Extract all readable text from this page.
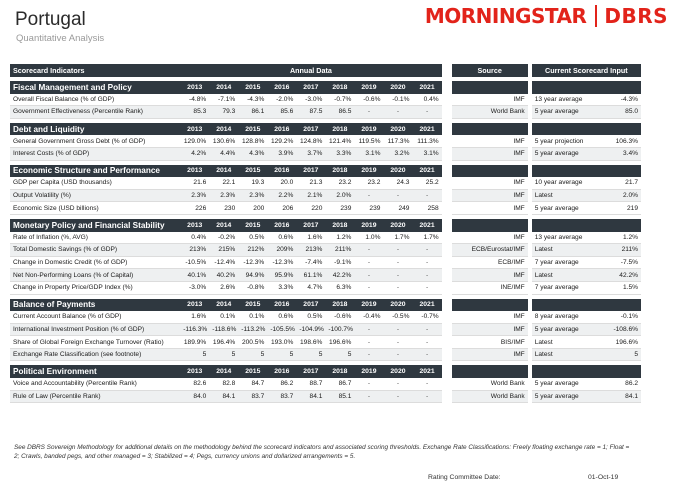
Portugal
Quantitative Analysis
MORNINGSTAR DBRS
Scorecard Indicators	Annual Data										Source		Current Scorecard Input	

Fiscal Management and Policy	2013	2014	2015	2016	2017	2018	2019	2020	2021					
Overall Fiscal Balance (% of GDP)	-4.8%	-7.1%	-4.3%	-2.0%	-3.0%	-0.7%	-0.6%	-0.1%	0.4%		IMF		13 year average	-4.3%
Government Effectiveness (Percentile Rank)	85.3	79.3	86.1	85.6	87.5	86.5	-	-	-		World Bank		5 year average	85.0

Debt and Liquidity	2013	2014	2015	2016	2017	2018	2019	2020	2021					
General Government Gross Debt (% of GDP)	129.0%	130.6%	128.8%	129.2%	124.8%	121.4%	119.5%	117.3%	111.3%		IMF		5 year projection	106.3%
Interest Costs (% of GDP)	4.2%	4.4%	4.3%	3.9%	3.7%	3.3%	3.1%	3.2%	3.1%		IMF		5 year average	3.4%

Economic Structure and Performance	2013	2014	2015	2016	2017	2018	2019	2020	2021					
GDP per Capita (USD thousands)	21.6	22.1	19.3	20.0	21.3	23.2	23.2	24.3	25.2		IMF		10 year average	21.7
Output Volatility (%)	2.3%	2.3%	2.3%	2.2%	2.1%	2.0%	-	-	-		IMF		Latest	2.0%
Economic Size (USD billions)	226	230	200	206	220	239	239	249	258		IMF		5 year average	219

Monetary Policy and Financial Stability	2013	2014	2015	2016	2017	2018	2019	2020	2021					
Rate of Inflation (%, AVG)	0.4%	-0.2%	0.5%	0.6%	1.6%	1.2%	1.0%	1.7%	1.7%		IMF		13 year average	1.2%
Total Domestic Savings (% of GDP)	213%	215%	212%	209%	213%	211%	-	-	-		ECB/Eurostat/IMF		Latest	211%
Change in Domestic Credit (% of GDP)	-10.5%	-12.4%	-12.3%	-12.3%	-7.4%	-9.1%	-	-	-		ECB/IMF		7 year average	-7.5%
Net Non-Performing Loans (% of Capital)	40.1%	40.2%	94.9%	95.9%	61.1%	42.2%	-	-	-		IMF		Latest	42.2%
Change in Property Price/GDP Index (%)	-3.0%	2.6%	-0.8%	3.3%	4.7%	6.3%	-	-	-		INE/IMF		7 year average	1.5%

Balance of Payments	2013	2014	2015	2016	2017	2018	2019	2020	2021					
Current Account Balance (% of GDP)	1.6%	0.1%	0.1%	0.6%	0.5%	-0.6%	-0.4%	-0.5%	-0.7%		IMF		8 year average	-0.1%
International Investment Position (% of GDP)	-116.3%	-118.6%	-113.2%	-105.5%	-104.9%	-100.7%	-	-	-		IMF		5 year average	-108.6%
Share of Global Foreign Exchange Turnover (Ratio)	189.9%	196.4%	200.5%	193.0%	198.6%	196.6%	-	-	-		BIS/IMF		Latest	196.6%
Exchange Rate Classification (see footnote)	5	5	5	5	5	5	-	-	-		IMF		Latest	5

Political Environment	2013	2014	2015	2016	2017	2018	2019	2020	2021					
Voice and Accountability (Percentile Rank)	82.6	82.8	84.7	86.2	88.7	86.7	-	-	-		World Bank		5 year average	86.2
Rule of Law (Percentile Rank)	84.0	84.1	83.7	83.7	84.1	85.1	-	-	-		World Bank		5 year average	84.1
See DBRS Sovereign Methodology for additional details on the methodology behind the scorecard indicators and associated scoring thresholds. Exchange Rate Classifications: Freely floating exchange rate = 1; Float = 2; Crawls, banded pegs, and other managed = 3; Stabilized = 4; Pegs, currency unions and dollarized arrangements = 5.
Rating Committee Date:	01-Oct-19
